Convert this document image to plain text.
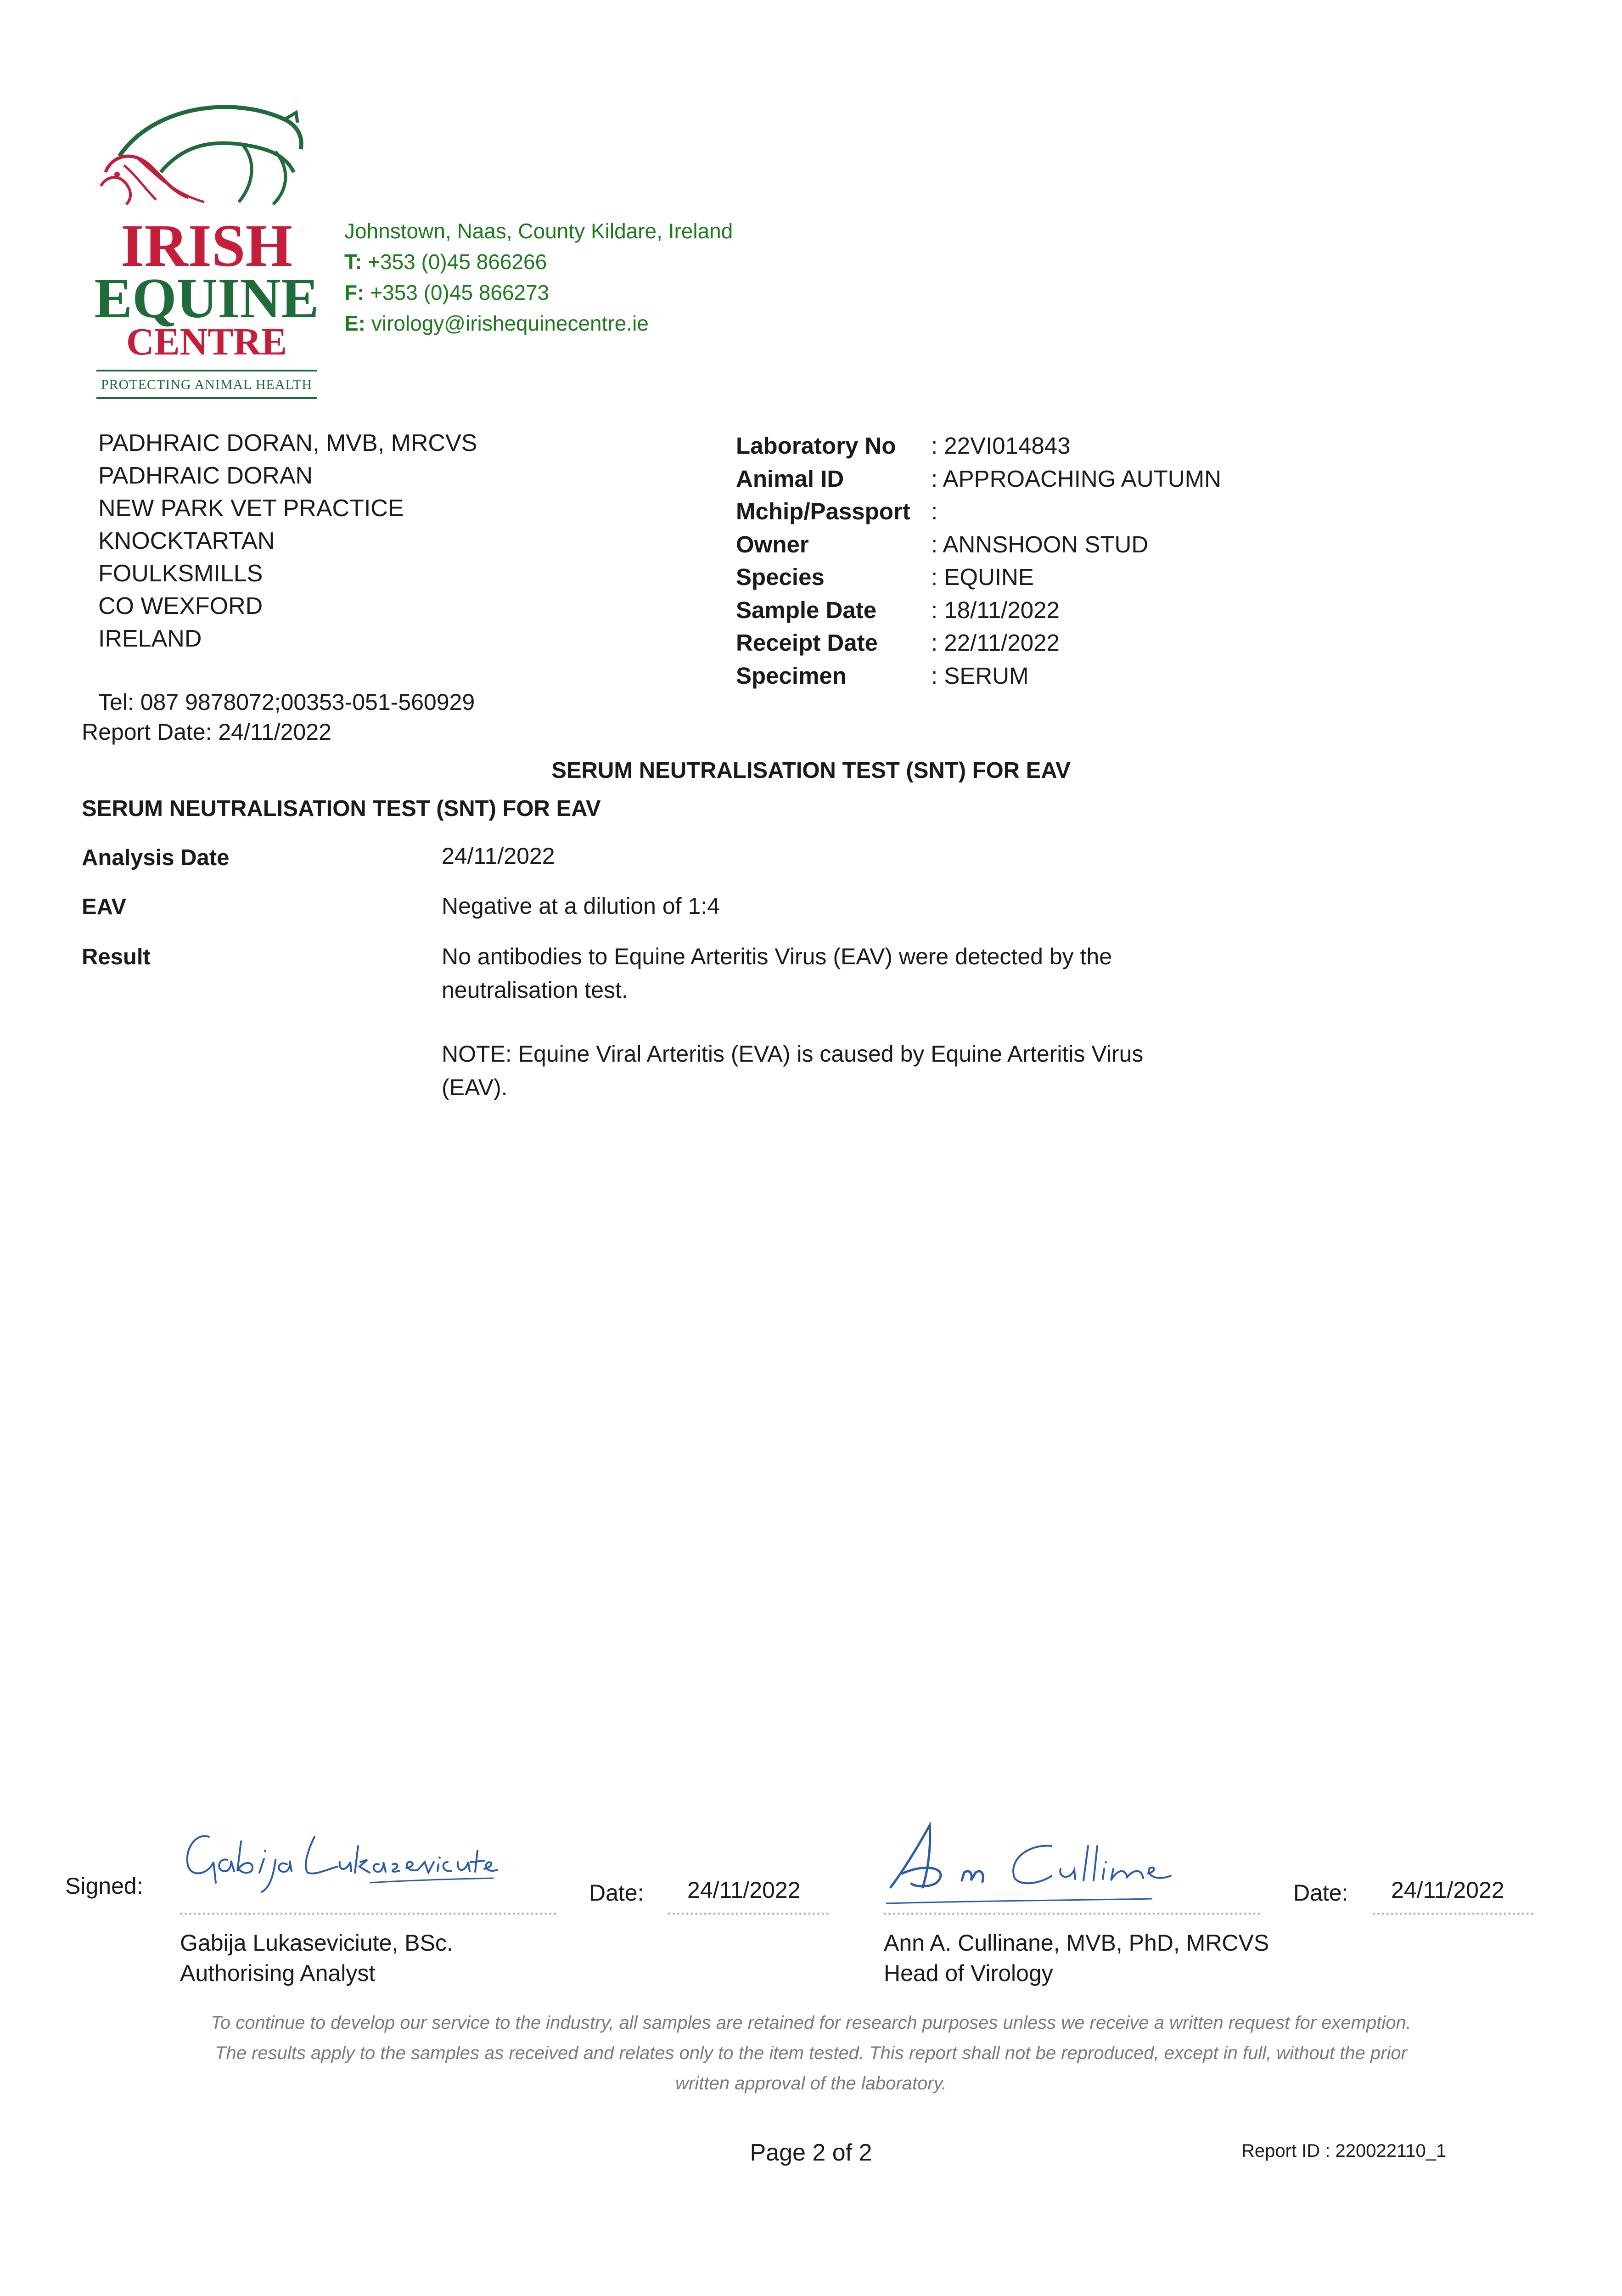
IRISH
EQUINE
CENTRE
PROTECTING ANIMAL HEALTH
Johnstown, Naas, County Kildare, Ireland
T: +353 (0)45 866266
F: +353 (0)45 866273
E: virology@irishequinecentre.ie
PADHRAIC DORAN, MVB, MRCVS
PADHRAIC DORAN
NEW PARK VET PRACTICE
KNOCKTARTAN
FOULKSMILLS
CO WEXFORD
IRELAND
Tel: 087 9878072;00353-051-560929
Report Date: 24/11/2022
Laboratory No	: 22VI014843
Animal ID	: APPROACHING AUTUMN
Mchip/Passport :
Owner	: ANNSHOON STUD
Species	: EQUINE
Sample Date	: 18/11/2022
Receipt Date	: 22/11/2022
Specimen	: SERUM
SERUM NEUTRALISATION TEST (SNT) FOR EAV
SERUM NEUTRALISATION TEST (SNT) FOR EAV
Analysis Date	24/11/2022
EAV	Negative at a dilution of 1:4
Result	No antibodies to Equine Arteritis Virus (EAV) were detected by the
neutralisation test.
NOTE: Equine Viral Arteritis (EVA) is caused by Equine Arteritis Virus
(EAV).
Signed:	Date: 24/11/2022	Date: 24/11/2022
Gabija Lukaseviciute, BSc.
Authorising Analyst
Ann A. Cullinane, MVB, PhD, MRCVS
Head of Virology
To continue to develop our service to the industry, all samples are retained for research purposes unless we receive a written request for exemption.
The results apply to the samples as received and relates only to the item tested. This report shall not be reproduced, except in full, without the prior
written approval of the laboratory.
Page 2 of 2	Report ID : 220022110_1
